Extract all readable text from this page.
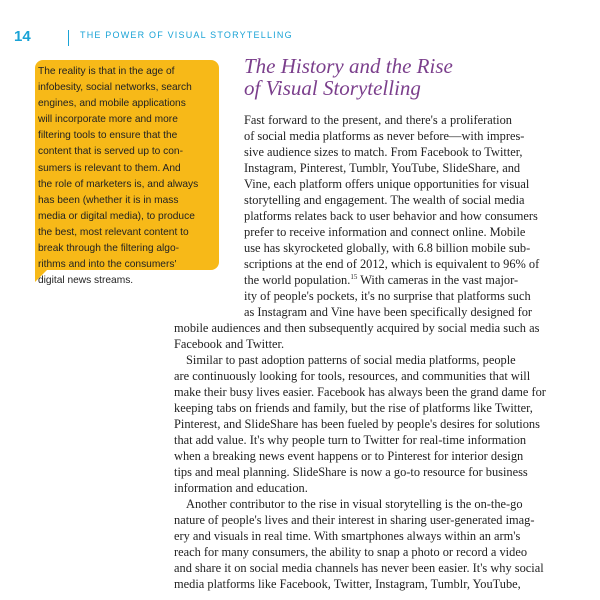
14	THE POWER OF VISUAL STORYTELLING
The reality is that in the age of
infobesity, social networks, search
engines, and mobile applications
will incorporate more and more
filtering tools to ensure that the
content that is served up to con-
sumers is relevant to them. And
the role of marketers is, and always
has been (whether it is in mass
media or digital media), to produce
the best, most relevant content to
break through the filtering algo-
rithms and into the consumers'
digital news streams.
The History and the Rise
of Visual Storytelling
Fast forward to the present, and there's a proliferation
of social media platforms as never before—with impres-
sive audience sizes to match. From Facebook to Twitter,
Instagram, Pinterest, Tumblr, YouTube, SlideShare, and
Vine, each platform offers unique opportunities for visual
storytelling and engagement. The wealth of social media
platforms relates back to user behavior and how consumers
prefer to receive information and connect online. Mobile
use has skyrocketed globally, with 6.8 billion mobile sub-
scriptions at the end of 2012, which is equivalent to 96% of
the world population.$^{15}$ With cameras in the vast major-
ity of people's pockets, it's no surprise that platforms such
as Instagram and Vine have been specifically designed for
mobile audiences and then subsequently acquired by social media such as
Facebook and Twitter.
Similar to past adoption patterns of social media platforms, people
are continuously looking for tools, resources, and communities that will
make their busy lives easier. Facebook has always been the grand dame for
keeping tabs on friends and family, but the rise of platforms like Twitter,
Pinterest, and SlideShare has been fueled by people's desires for solutions
that add value. It's why people turn to Twitter for real-time information
when a breaking news event happens or to Pinterest for interior design
tips and meal planning. SlideShare is now a go-to resource for business
information and education.
Another contributor to the rise in visual storytelling is the on-the-go
nature of people's lives and their interest in sharing user-generated imag-
ery and visuals in real time. With smartphones always within an arm's
reach for many consumers, the ability to snap a photo or record a video
and share it on social media channels has never been easier. It's why social
media platforms like Facebook, Twitter, Instagram, Tumblr, YouTube,
